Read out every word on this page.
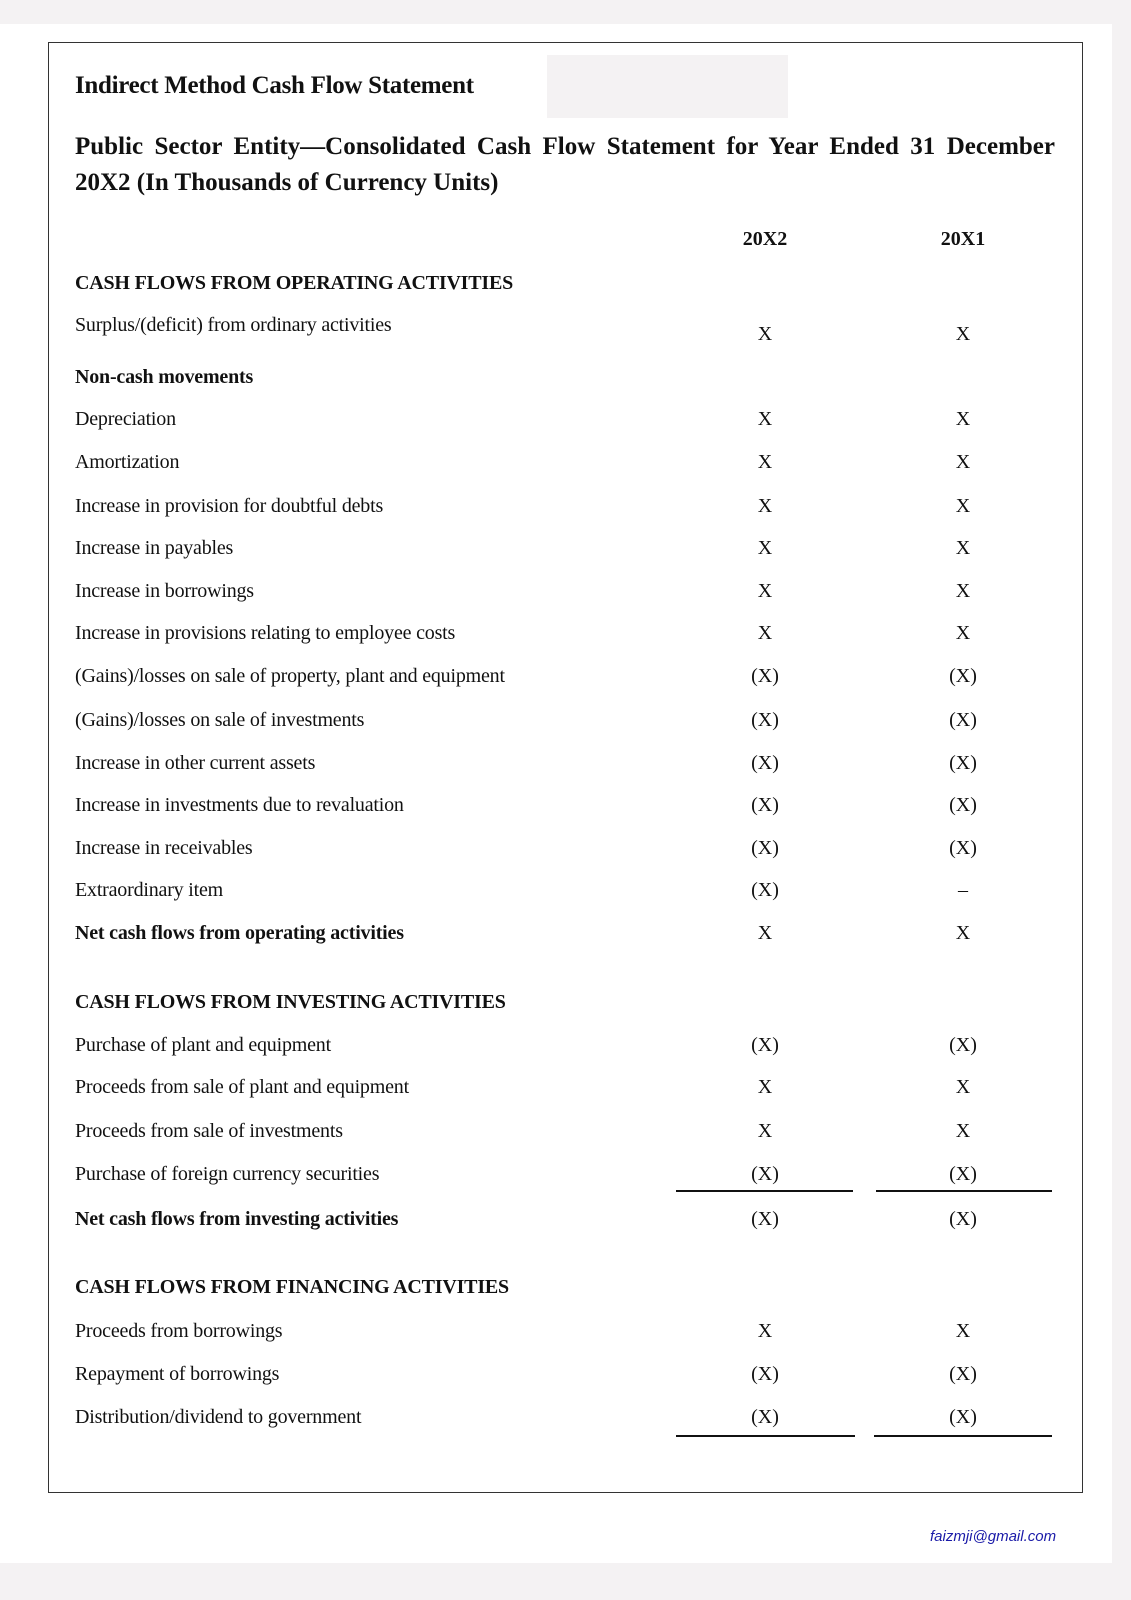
Indirect Method Cash Flow Statement
Public Sector Entity—Consolidated Cash Flow Statement for Year Ended 31 December 20X2 (In Thousands of Currency Units)
20X2	20X1
CASH FLOWS FROM OPERATING ACTIVITIES
Surplus/(deficit) from ordinary activities	X	X
Non-cash movements
Depreciation	X	X
Amortization	X	X
Increase in provision for doubtful debts	X	X
Increase in payables	X	X
Increase in borrowings	X	X
Increase in provisions relating to employee costs	X	X
(Gains)/losses on sale of property, plant and equipment	(X)	(X)
(Gains)/losses on sale of investments	(X)	(X)
Increase in other current assets	(X)	(X)
Increase in investments due to revaluation	(X)	(X)
Increase in receivables	(X)	(X)
Extraordinary item	(X)	–
Net cash flows from operating activities	X	X
CASH FLOWS FROM INVESTING ACTIVITIES
Purchase of plant and equipment	(X)	(X)
Proceeds from sale of plant and equipment	X	X
Proceeds from sale of investments	X	X
Purchase of foreign currency securities	(X)	(X)
Net cash flows from investing activities	(X)	(X)
CASH FLOWS FROM FINANCING ACTIVITIES
Proceeds from borrowings	X	X
Repayment of borrowings	(X)	(X)
Distribution/dividend to government	(X)	(X)
faizmji@gmail.com
